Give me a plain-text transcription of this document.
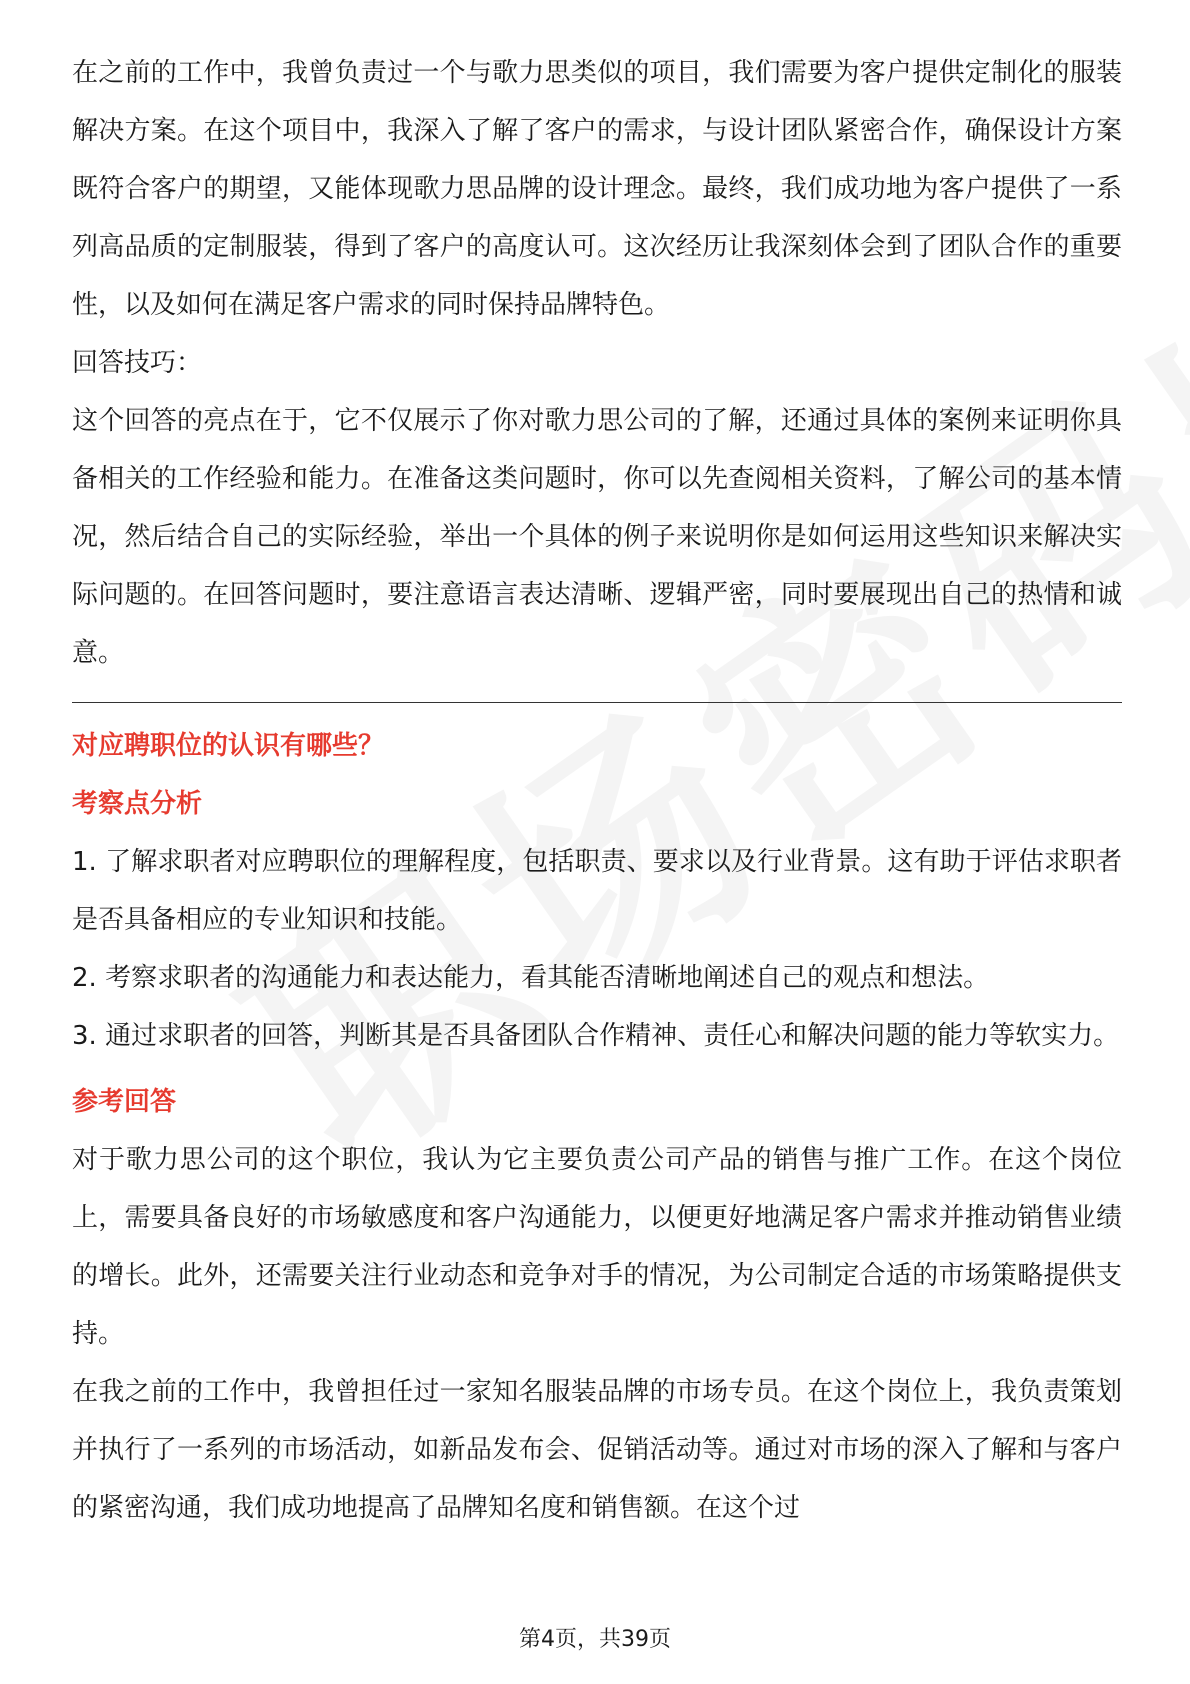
在之前的工作中，我曾负责过一个与歌力思类似的项目，我们需要为客户提供定制化的服装解决方案。在这个项目中，我深入了解了客户的需求，与设计团队紧密合作，确保设计方案既符合客户的期望，又能体现歌力思品牌的设计理念。最终，我们成功地为客户提供了一系列高品质的定制服装，得到了客户的高度认可。这次经历让我深刻体会到了团队合作的重要性，以及如何在满足客户需求的同时保持品牌特色。

回答技巧：

这个回答的亮点在于，它不仅展示了你对歌力思公司的了解，还通过具体的案例来证明你具备相关的工作经验和能力。在准备这类问题时，你可以先查阅相关资料，了解公司的基本情况，然后结合自己的实际经验，举出一个具体的例子来说明你是如何运用这些知识来解决实际问题的。在回答问题时，要注意语言表达清晰、逻辑严密，同时要展现出自己的热情和诚意。

对应聘职位的认识有哪些？

考察点分析

1. 了解求职者对应聘职位的理解程度，包括职责、要求以及行业背景。这有助于评估求职者是否具备相应的专业知识和技能。

2. 考察求职者的沟通能力和表达能力，看其能否清晰地阐述自己的观点和想法。

3. 通过求职者的回答，判断其是否具备团队合作精神、责任心和解决问题的能力等软实力。

参考回答

对于歌力思公司的这个职位，我认为它主要负责公司产品的销售与推广工作。在这个岗位上，需要具备良好的市场敏感度和客户沟通能力，以便更好地满足客户需求并推动销售业绩的增长。此外，还需要关注行业动态和竞争对手的情况，为公司制定合适的市场策略提供支持。

在我之前的工作中，我曾担任过一家知名服装品牌的市场专员。在这个岗位上，我负责策划并执行了一系列的市场活动，如新品发布会、促销活动等。通过对市场的深入了解和与客户的紧密沟通，我们成功地提高了品牌知名度和销售额。在这个过

第4页，共39页
